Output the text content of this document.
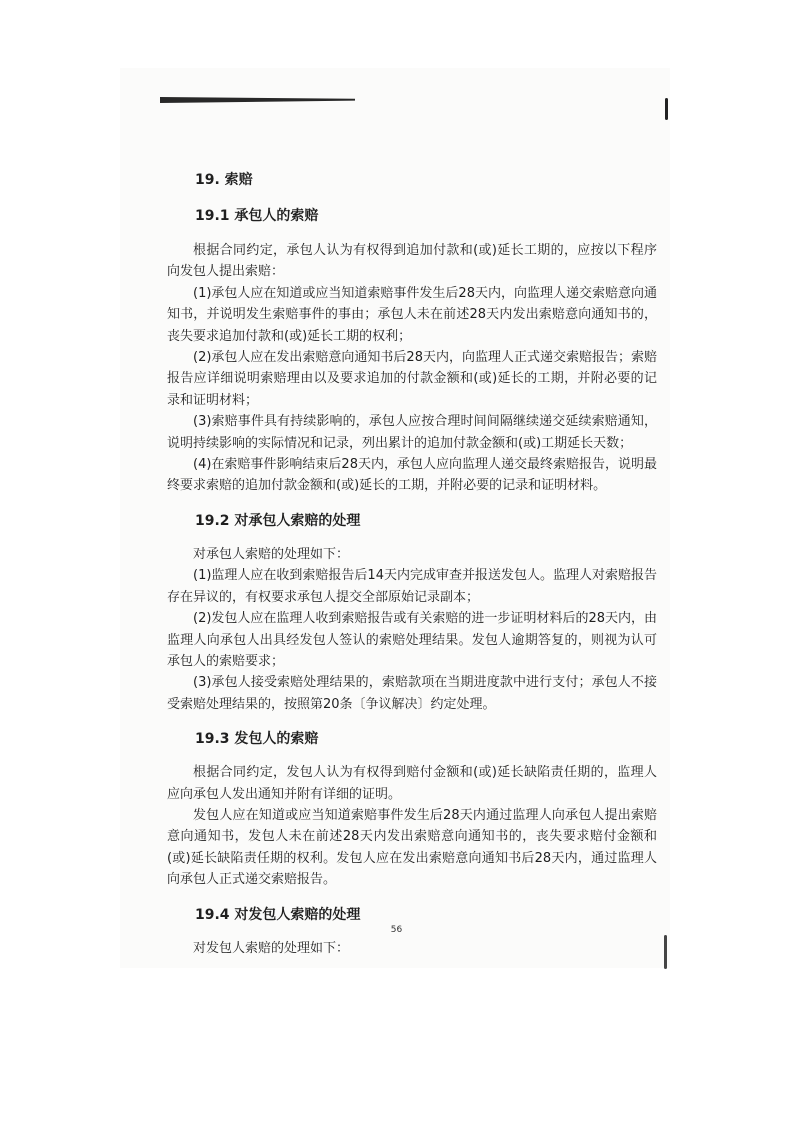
19. 索赔
19.1 承包人的索赔

根据合同约定，承包人认为有权得到追加付款和(或)延长工期的，应按以下程序向发包人提出索赔：

(1)承包人应在知道或应当知道索赔事件发生后28天内，向监理人递交索赔意向通知书，并说明发生索赔事件的事由；承包人未在前述28天内发出索赔意向通知书的，丧失要求追加付款和(或)延长工期的权利；

(2)承包人应在发出索赔意向通知书后28天内，向监理人正式递交索赔报告；索赔报告应详细说明索赔理由以及要求追加的付款金额和(或)延长的工期，并附必要的记录和证明材料；

(3)索赔事件具有持续影响的，承包人应按合理时间间隔继续递交延续索赔通知，说明持续影响的实际情况和记录，列出累计的追加付款金额和(或)工期延长天数；

(4)在索赔事件影响结束后28天内，承包人应向监理人递交最终索赔报告，说明最终要求索赔的追加付款金额和(或)延长的工期，并附必要的记录和证明材料。

19.2 对承包人索赔的处理

对承包人索赔的处理如下：

(1)监理人应在收到索赔报告后14天内完成审查并报送发包人。监理人对索赔报告存在异议的，有权要求承包人提交全部原始记录副本；

(2)发包人应在监理人收到索赔报告或有关索赔的进一步证明材料后的28天内，由监理人向承包人出具经发包人签认的索赔处理结果。发包人逾期答复的，则视为认可承包人的索赔要求；

(3)承包人接受索赔处理结果的，索赔款项在当期进度款中进行支付；承包人不接受索赔处理结果的，按照第20条〔争议解决〕约定处理。

19.3 发包人的索赔

根据合同约定，发包人认为有权得到赔付金额和(或)延长缺陷责任期的，监理人应向承包人发出通知并附有详细的证明。

发包人应在知道或应当知道索赔事件发生后28天内通过监理人向承包人提出索赔意向通知书，发包人未在前述28天内发出索赔意向通知书的，丧失要求赔付金额和(或)延长缺陷责任期的权利。发包人应在发出索赔意向通知书后28天内，通过监理人向承包人正式递交索赔报告。

19.4 对发包人索赔的处理

对发包人索赔的处理如下：

56
